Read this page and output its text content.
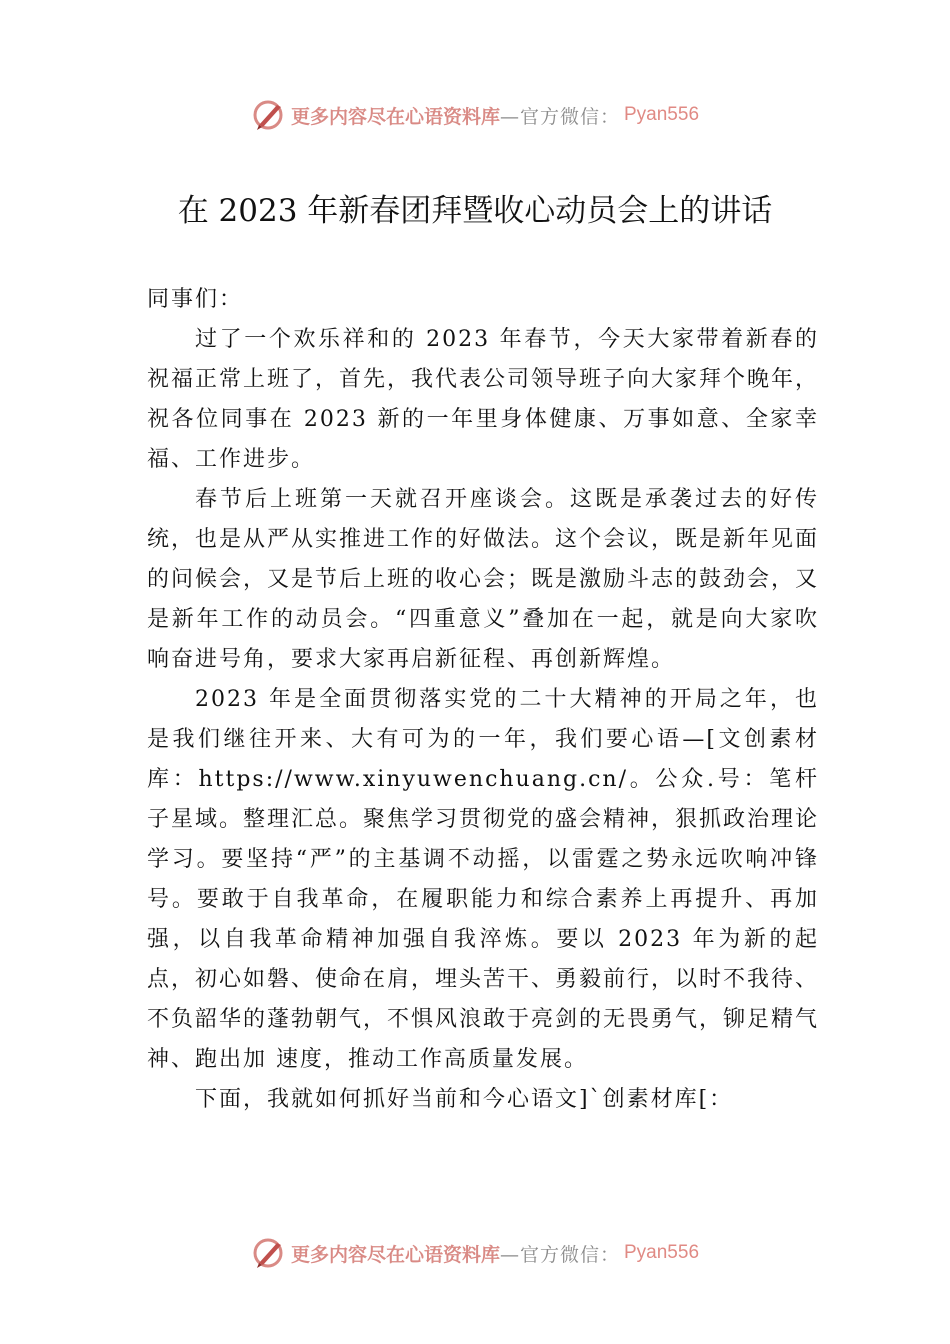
更多内容尽在心语资料库 —官方微信： Pyan556
在 2023 年新春团拜暨收心动员会上的讲话

同事们：

过了一个欢乐祥和的 2023 年春节，今天大家带着新春的祝福正常上班了，首先，我代表公司领导班子向大家拜个晚年，祝各位同事在 2023 新的一年里身体健康、万事如意、全家幸福、工作进步。

春节后上班第一天就召开座谈会。这既是承袭过去的好传统，也是从严从实推进工作的好做法。这个会议，既是新年见面的问候会，又是节后上班的收心会；既是激励斗志的鼓劲会，又是新年工作的动员会。“四重意义”叠加在一起，就是向大家吹响奋进号角，要求大家再启新征程、再创新辉煌。

2023 年是全面贯彻落实党的二十大精神的开局之年，也是我们继往开来、大有可为的一年，我们要心语—[文创素材库：https://www.xinyuwenchuang.cn/。公众.号：笔杆子星域。整理汇总。聚焦学习贯彻党的盛会精神，狠抓政治理论学习。要坚持“严”的主基调不动摇，以雷霆之势永远吹响冲锋号。要敢于自我革命，在履职能力和综合素养上再提升、再加强，以自我革命精神加强自我淬炼。要以 2023 年为新的起点，初心如磐、使命在肩，埋头苦干、勇毅前行，以时不我待、不负韶华的蓬勃朝气，不惧风浪敢于亮剑的无畏勇气，铆足精气神、跑出加 速度，推动工作高质量发展。

下面，我就如何抓好当前和今心语文]`创素材库[：

更多内容尽在心语资料库 —官方微信： Pyan556
